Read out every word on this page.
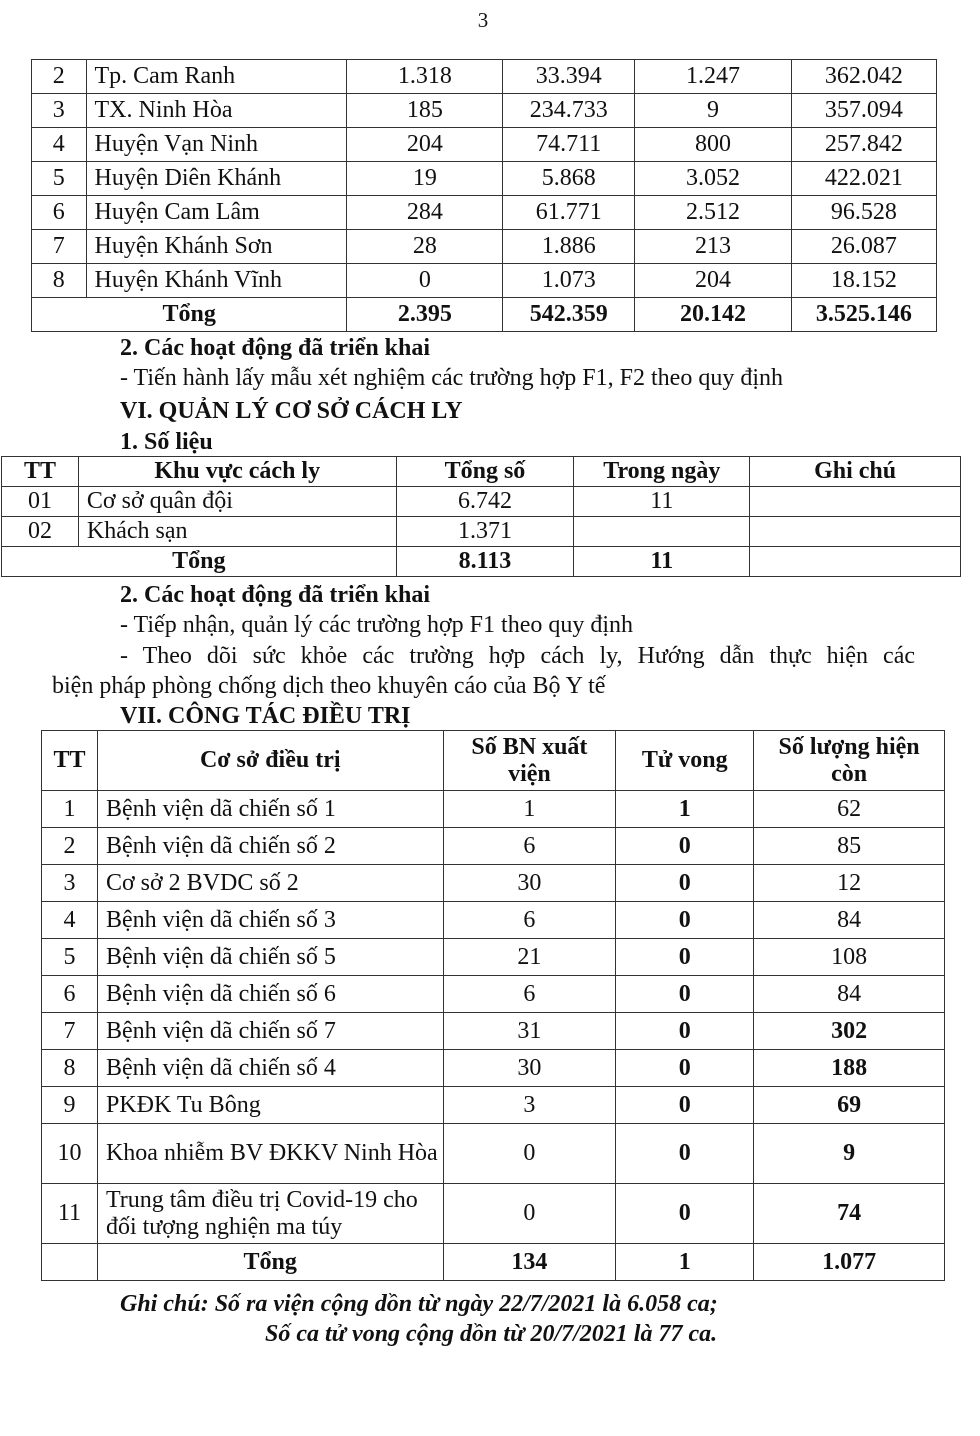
3
2	Tp. Cam Ranh	1.318	33.394	1.247	362.042
3	TX. Ninh Hòa	185	234.733	9	357.094
4	Huyện Vạn Ninh	204	74.711	800	257.842
5	Huyện Diên Khánh	19	5.868	3.052	422.021
6	Huyện Cam Lâm	284	61.771	2.512	96.528
7	Huyện Khánh Sơn	28	1.886	213	26.087
8	Huyện Khánh Vĩnh	0	1.073	204	18.152
Tổng		2.395	542.359	20.142	3.525.146
2. Các hoạt động đã triển khai
- Tiến hành lấy mẫu xét nghiệm các trường hợp F1, F2 theo quy định
VI. QUẢN LÝ CƠ SỞ CÁCH LY
1. Số liệu
TT	Khu vực cách ly	Tổng số	Trong ngày	Ghi chú
01	Cơ sở quân đội	6.742	11	
02	Khách sạn	1.371		
Tổng		8.113	11	
2. Các hoạt động đã triển khai
- Tiếp nhận, quản lý các trường hợp F1 theo quy định
- Theo dõi sức khỏe các trường hợp cách ly, Hướng dẫn thực hiện các
biện pháp phòng chống dịch theo khuyên cáo của Bộ Y tế
VII. CÔNG TÁC ĐIỀU TRỊ
TT	Cơ sở điều trị	Số BN xuất viện	Tử vong	Số lượng hiện còn
1	Bệnh viện dã chiến số 1	1	1	62
2	Bệnh viện dã chiến số 2	6	0	85
3	Cơ sở 2 BVDC số 2	30	0	12
4	Bệnh viện dã chiến số 3	6	0	84
5	Bệnh viện dã chiến số 5	21	0	108
6	Bệnh viện dã chiến số 6	6	0	84
7	Bệnh viện dã chiến số 7	31	0	302
8	Bệnh viện dã chiến số 4	30	0	188
9	PKĐK Tu Bông	3	0	69
10	Khoa nhiễm BV ĐKKV Ninh Hòa	0	0	9
11	Trung tâm điều trị Covid-19 cho đối tượng nghiện ma túy	0	0	74
	Tổng	134	1	1.077
Ghi chú: Số ra viện cộng dồn từ ngày 22/7/2021 là 6.058 ca;
Số ca tử vong cộng dồn từ 20/7/2021 là 77 ca.
